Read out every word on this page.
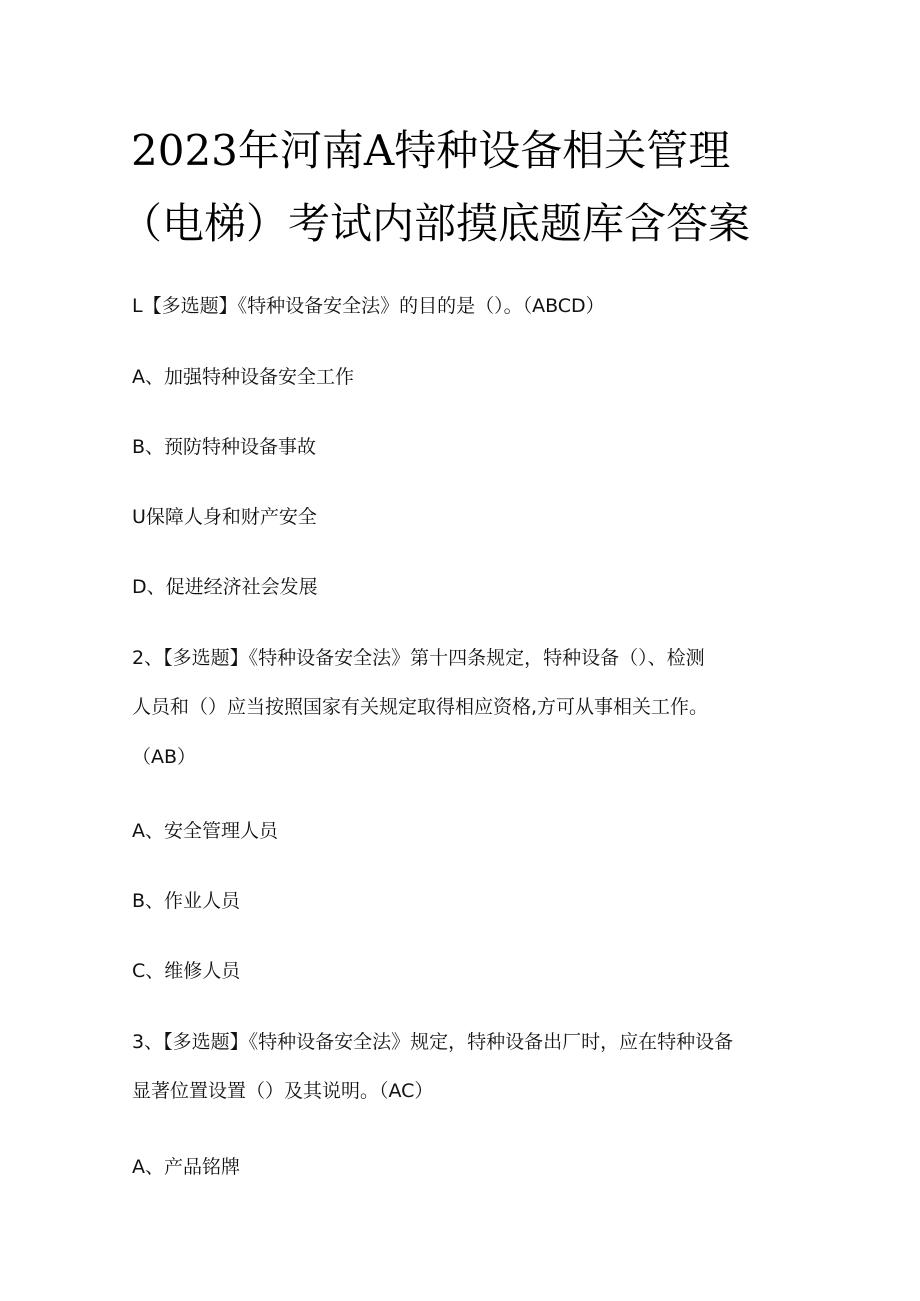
2023年河南A特种设备相关管理
（电梯）考试内部摸底题库含答案
L【多选题】《特种设备安全法》的目的是（）。（ABCD）
A、加强特种设备安全工作
B、预防特种设备事故
U保障人身和财产安全
D、促进经济社会发展
2、【多选题】《特种设备安全法》第十四条规定，特种设备（）、检测
人员和（）应当按照国家有关规定取得相应资格,方可从事相关工作。
（AB）
A、安全管理人员
B、作业人员
C、维修人员
3、【多选题】《特种设备安全法》规定，特种设备出厂时，应在特种设备
显著位置设置（）及其说明。（AC）
A、产品铭牌
